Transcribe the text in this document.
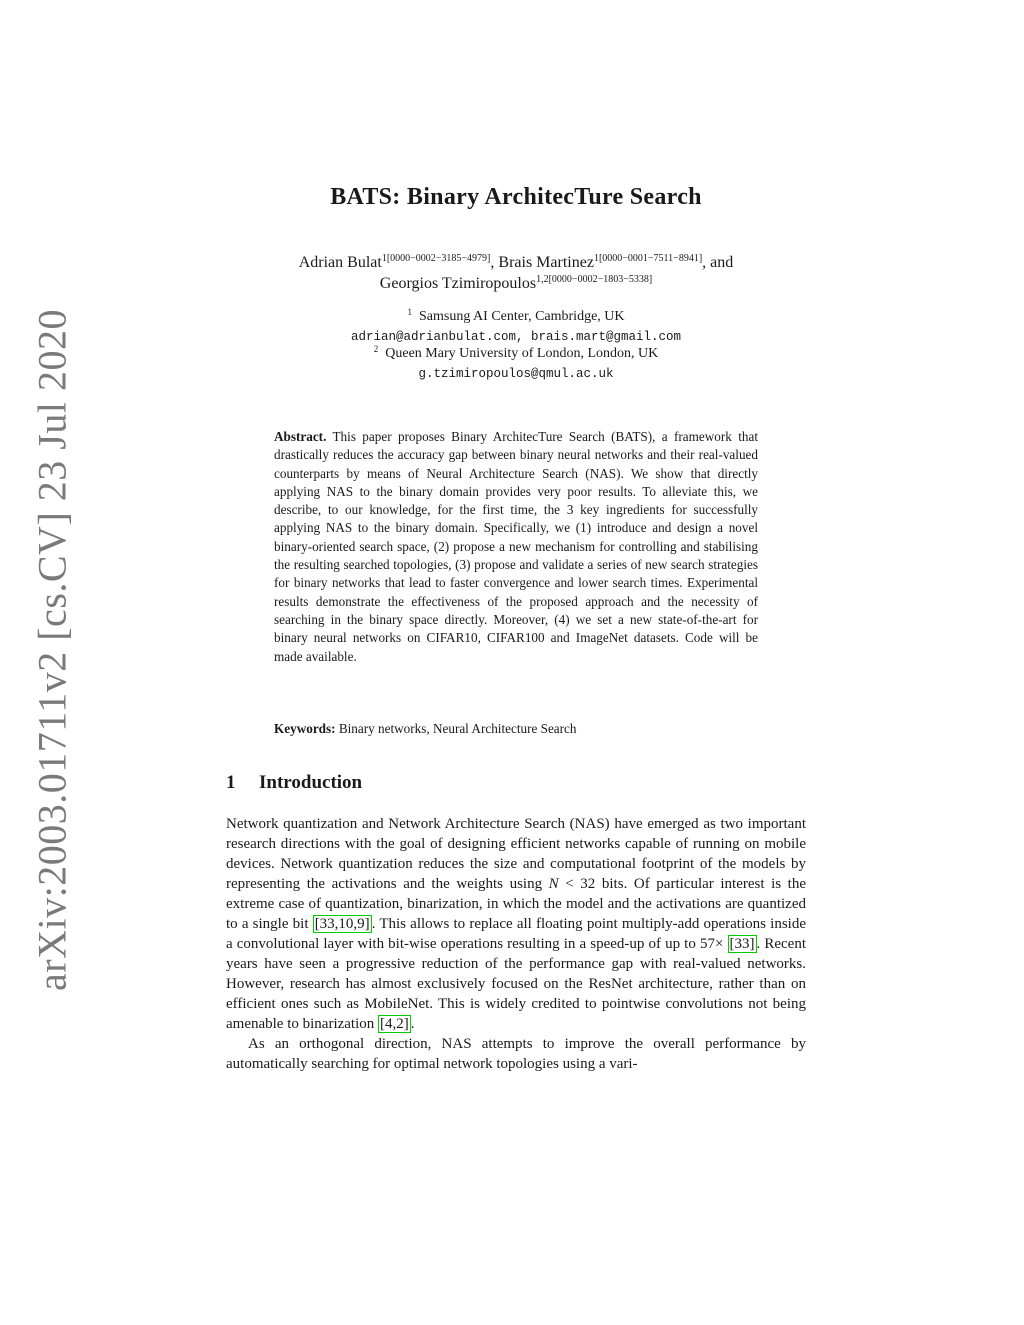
arXiv:2003.01711v2 [cs.CV] 23 Jul 2020
BATS: Binary ArchitecTure Search
Adrian Bulat$^{1[0000-0002-3185-4979]}$, Brais Martinez$^{1[0000-0001-7511-8941]}$, and
Georgios Tzimiropoulos$^{1,2[0000-0002-1803-5338]}$
$^1$ Samsung AI Center, Cambridge, UK
adrian@adrianbulat.com, brais.mart@gmail.com
$^2$ Queen Mary University of London, London, UK
g.tzimiropoulos@qmul.ac.uk
Abstract. This paper proposes Binary ArchitecTure Search (BATS), a framework that drastically reduces the accuracy gap between binary neural networks and their real-valued counterparts by means of Neural Architecture Search (NAS). We show that directly applying NAS to the binary domain provides very poor results. To alleviate this, we describe, to our knowledge, for the first time, the 3 key ingredients for successfully applying NAS to the binary domain. Specifically, we (1) introduce and design a novel binary-oriented search space, (2) propose a new mechanism for controlling and stabilising the resulting searched topologies, (3) propose and validate a series of new search strategies for binary networks that lead to faster convergence and lower search times. Experimental results demonstrate the effectiveness of the proposed approach and the necessity of searching in the binary space directly. Moreover, (4) we set a new state-of-the-art for binary neural networks on CIFAR10, CIFAR100 and ImageNet datasets. Code will be made available.
Keywords: Binary networks, Neural Architecture Search
1 Introduction

Network quantization and Network Architecture Search (NAS) have emerged as two important research directions with the goal of designing efficient networks capable of running on mobile devices. Network quantization reduces the size and computational footprint of the models by representing the activations and the weights using N < 32 bits. Of particular interest is the extreme case of quantization, binarization, in which the model and the activations are quantized to a single bit [33,10,9] . This allows to replace all floating point multiply-add operations inside a convolutional layer with bit-wise operations resulting in a speed-up of up to 57× [33] . Recent years have seen a progressive reduction of the performance gap with real-valued networks. However, research has almost exclusively focused on the ResNet architecture, rather than on efficient ones such as MobileNet. This is widely credited to pointwise convolutions not being amenable to binarization [4,2] .

As an orthogonal direction, NAS attempts to improve the overall performance by automatically searching for optimal network topologies using a vari-
